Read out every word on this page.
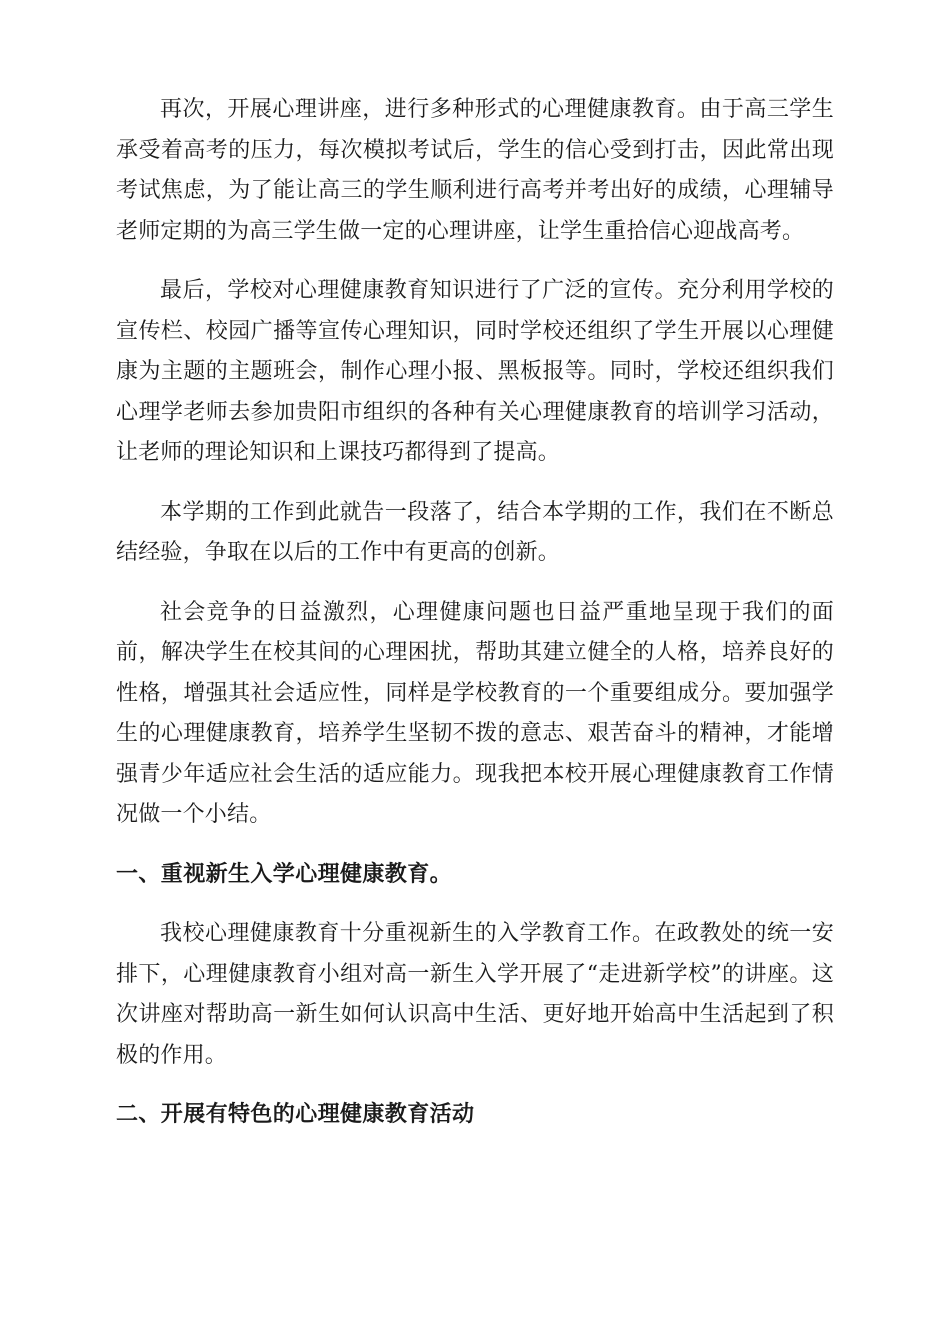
再次，开展心理讲座，进行多种形式的心理健康教育。由于高三学生承受着高考的压力，每次模拟考试后，学生的信心受到打击，因此常出现考试焦虑，为了能让高三的学生顺利进行高考并考出好的成绩，心理辅导老师定期的为高三学生做一定的心理讲座，让学生重拾信心迎战高考。

最后，学校对心理健康教育知识进行了广泛的宣传。充分利用学校的宣传栏、校园广播等宣传心理知识，同时学校还组织了学生开展以心理健康为主题的主题班会，制作心理小报、黑板报等。同时，学校还组织我们心理学老师去参加贵阳市组织的各种有关心理健康教育的培训学习活动，让老师的理论知识和上课技巧都得到了提高。

本学期的工作到此就告一段落了，结合本学期的工作，我们在不断总结经验，争取在以后的工作中有更高的创新。

社会竞争的日益激烈，心理健康问题也日益严重地呈现于我们的面前，解决学生在校其间的心理困扰，帮助其建立健全的人格，培养良好的性格，增强其社会适应性，同样是学校教育的一个重要组成分。要加强学生的心理健康教育，培养学生坚韧不拨的意志、艰苦奋斗的精神，才能增强青少年适应社会生活的适应能力。现我把本校开展心理健康教育工作情况做一个小结。

一、重视新生入学心理健康教育。

我校心理健康教育十分重视新生的入学教育工作。在政教处的统一安排下，心理健康教育小组对高一新生入学开展了“走进新学校”的讲座。这次讲座对帮助高一新生如何认识高中生活、更好地开始高中生活起到了积极的作用。

二、开展有特色的心理健康教育活动
